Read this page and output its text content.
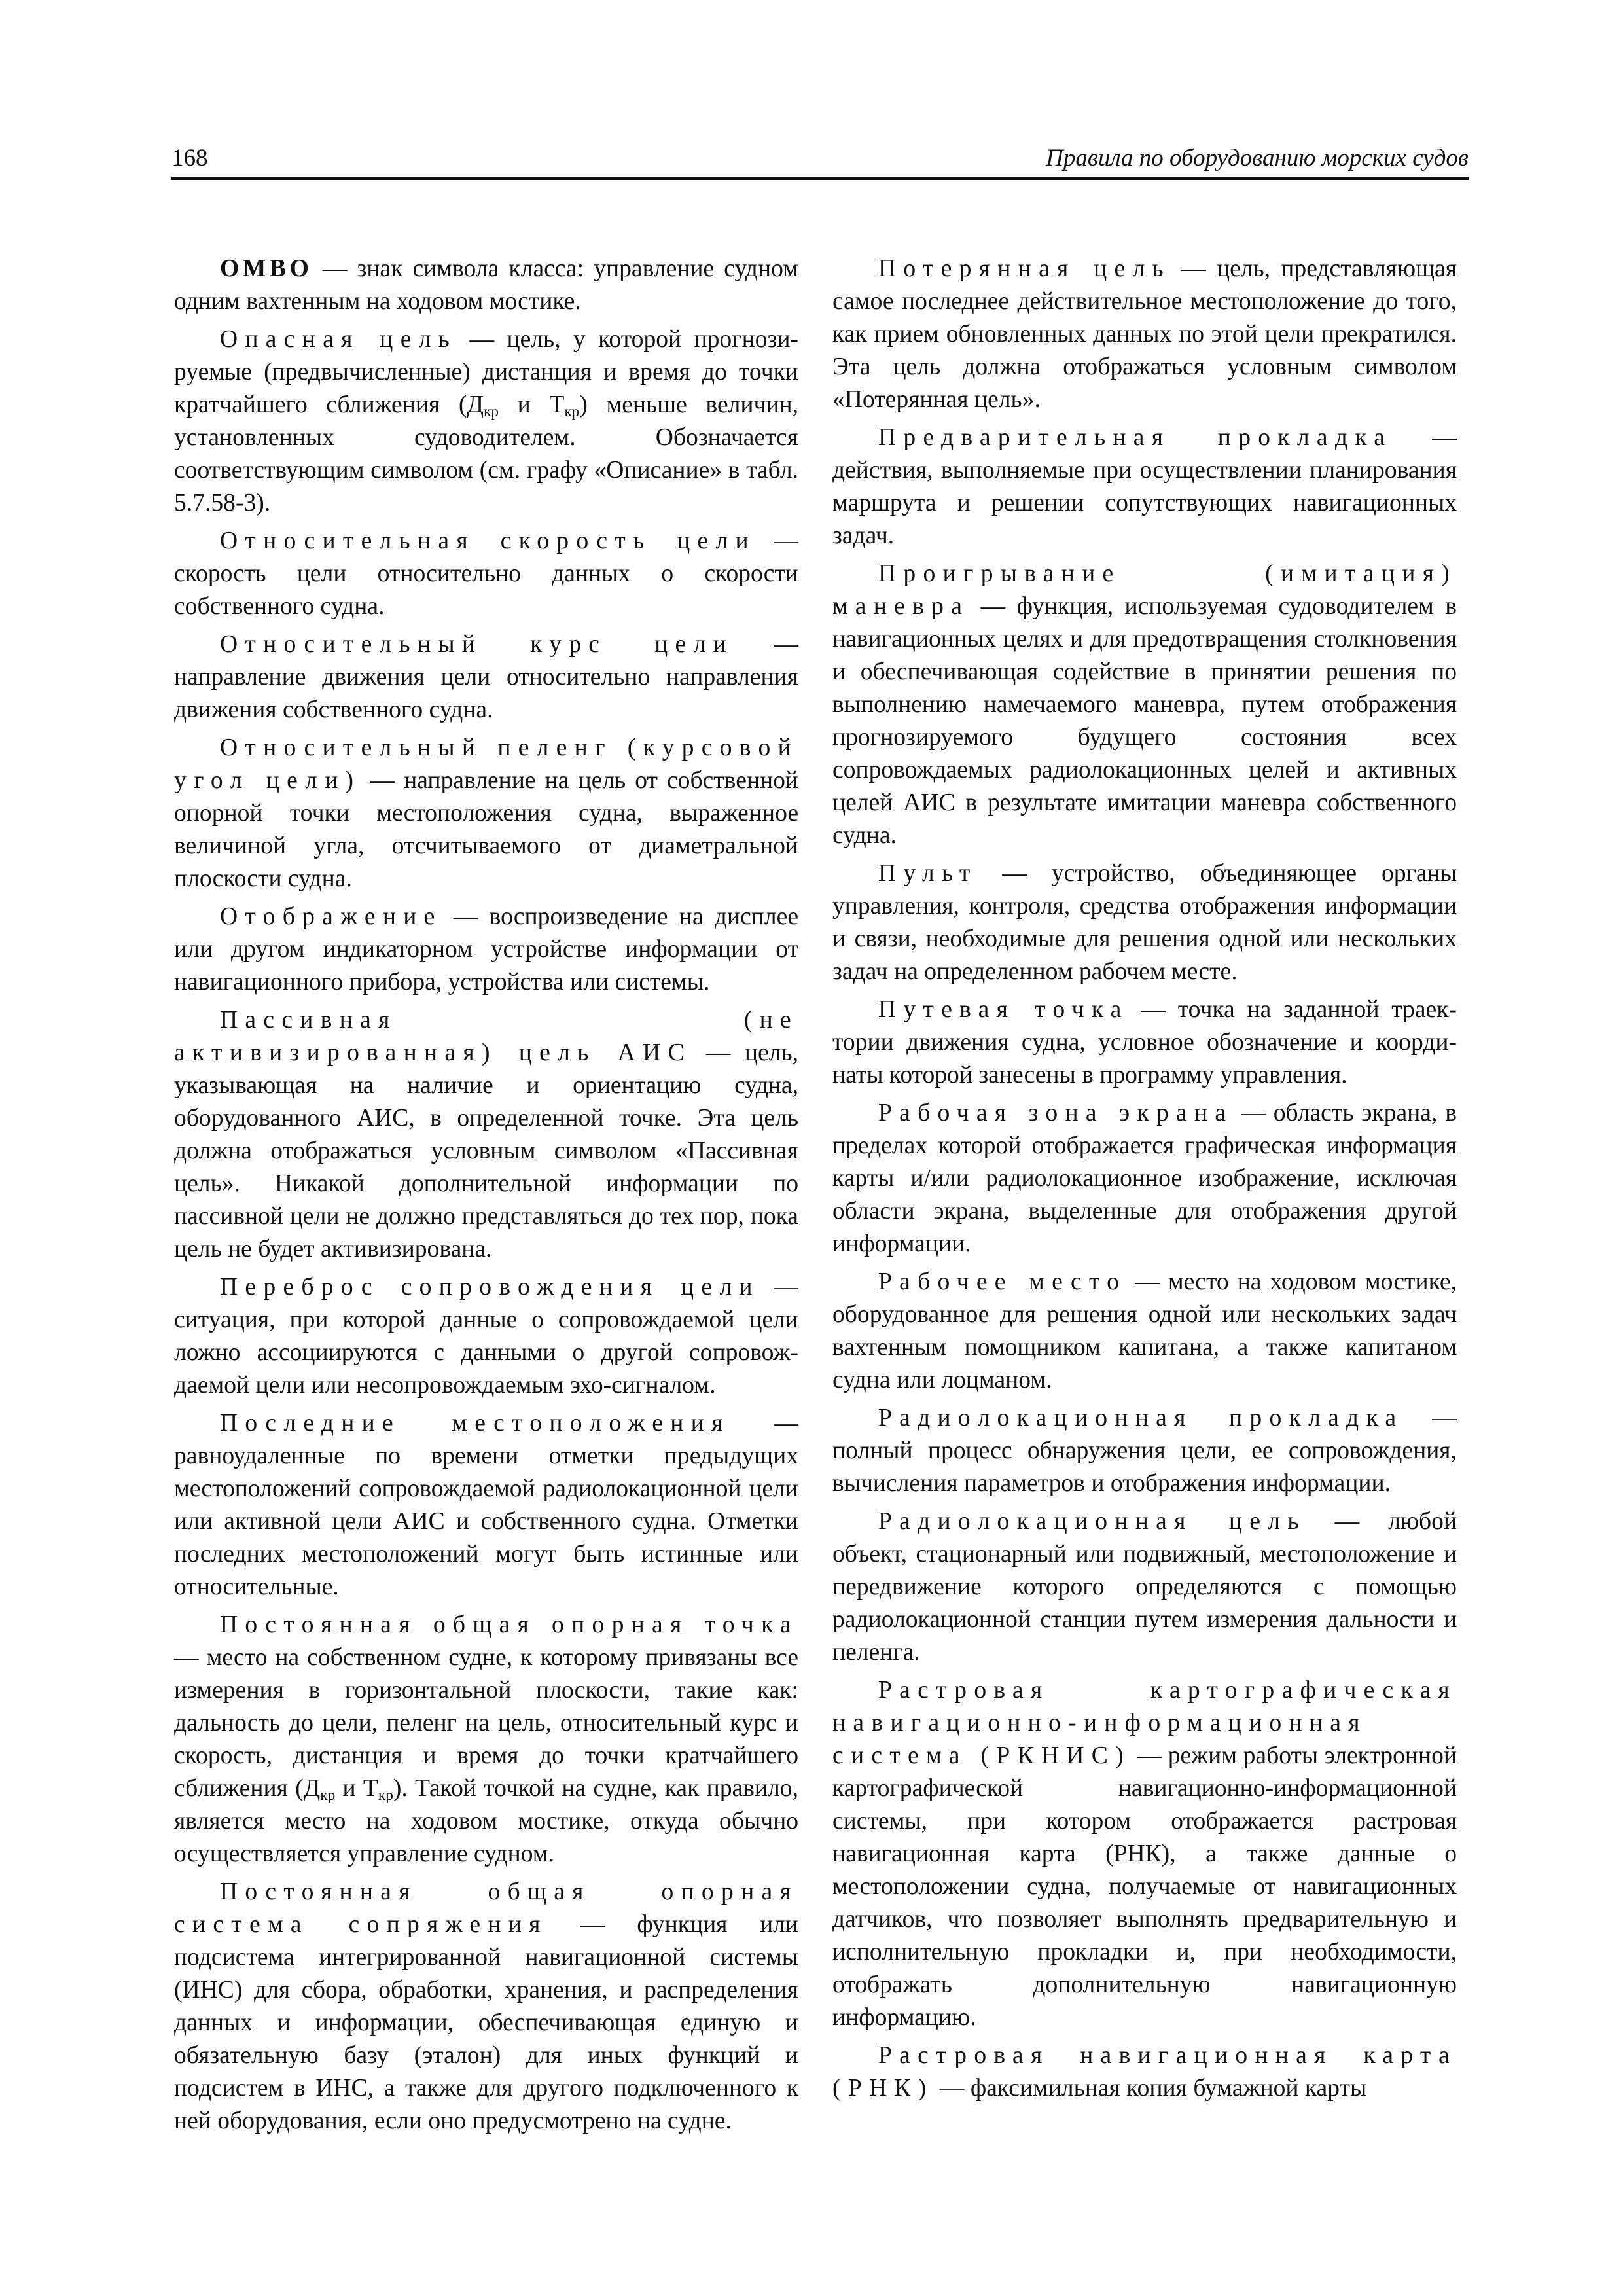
168	Правила по оборудованию морских судов

ОМВО — знак символа класса: управление судном одним вахтенным на ходовом мостике.

Опасная цель — цель, у которой прогнозируемые (предвычисленные) дистанция и время до точки кратчайшего сближения ($Д_{кр}$ и $Т_{кр}$) меньше величин, установленных судоводителем. Обозначается соответствующим символом (см. графу «Описание» в табл. 5.7.58-3).

Относительная скорость цели — скорость цели относительно данных о скорости собственного судна.

Относительный курс цели — направление движения цели относительно направления движения собственного судна.

Относительный пеленг (курсовой угол цели) — направление на цель от собственной опорной точки местоположения судна, выраженное величиной угла, отсчитываемого от диаметральной плоскости судна.

Отображение — воспроизведение на дисплее или другом индикаторном устройстве информации от навигационного прибора, устройства или системы.

Пассивная (не активизированная) цель АИС — цель, указывающая на наличие и ориентацию судна, оборудованного АИС, в определенной точке. Эта цель должна отображаться условным символом «Пассивная цель». Никакой дополнительной информации по пассивной цели не должно представляться до тех пор, пока цель не будет активизирована.

Переброс сопровождения цели — ситуация, при которой данные о сопровождаемой цели ложно ассоциируются с данными о другой сопровождаемой цели или несопровождаемым эхо-сигналом.

Последние местоположения — равноудаленные по времени отметки предыдущих местоположений сопровождаемой радиолокационной цели или активной цели АИС и собственного судна. Отметки последних местоположений могут быть истинные или относительные.

Постоянная общая опорная точка — место на собственном судне, к которому привязаны все измерения в горизонтальной плоскости, такие как: дальность до цели, пеленг на цель, относительный курс и скорость, дистанция и время до точки кратчайшего сближения ($Д_{кр}$ и $Т_{кр}$). Такой точкой на судне, как правило, является место на ходовом мостике, откуда обычно осуществляется управление судном.

Постоянная общая опорная система сопряжения — функция или подсистема интегрированной навигационной системы (ИНС) для сбора, обработки, хранения, и распределения данных и информации, обеспечивающая единую и обязательную базу (эталон) для иных функций и подсистем в ИНС, а также для другого подключенного к ней оборудования, если оно предусмотрено на судне.

Потерянная цель — цель, представляющая самое последнее действительное местоположение до того, как прием обновленных данных по этой цели прекратился. Эта цель должна отображаться условным символом «Потерянная цель».

Предварительная прокладка — действия, выполняемые при осуществлении планирования маршрута и решении сопутствующих навигационных задач.

Проигрывание (имитация) маневра — функция, используемая судоводителем в навигационных целях и для предотвращения столкновения и обеспечивающая содействие в принятии решения по выполнению намечаемого маневра, путем отображения прогнозируемого будущего состояния всех сопровождаемых радиолокационных целей и активных целей АИС в результате имитации маневра собственного судна.

Пульт — устройство, объединяющее органы управления, контроля, средства отображения информации и связи, необходимые для решения одной или нескольких задач на определенном рабочем месте.

Путевая точка — точка на заданной траектории движения судна, условное обозначение и координаты которой занесены в программу управления.

Рабочая зона экрана — область экрана, в пределах которой отображается графическая информация карты и/или радиолокационное изображение, исключая области экрана, выделенные для отображения другой информации.

Рабочее место — место на ходовом мостике, оборудованное для решения одной или нескольких задач вахтенным помощником капитана, а также капитаном судна или лоцманом.

Радиолокационная прокладка — полный процесс обнаружения цели, ее сопровождения, вычисления параметров и отображения информации.

Радиолокационная цель — любой объект, стационарный или подвижный, местоположение и передвижение которого определяются с помощью радиолокационной станции путем измерения дальности и пеленга.

Растровая картографическая навигационно-информационная система (РКНИС) — режим работы электронной картографической навигационно-информационной системы, при котором отображается растровая навигационная карта (РНК), а также данные о местоположении судна, получаемые от навигационных датчиков, что позволяет выполнять предварительную и исполнительную прокладки и, при необходимости, отображать дополнительную навигационную информацию.

Растровая навигационная карта (РНК) — факсимильная копия бумажной карты
